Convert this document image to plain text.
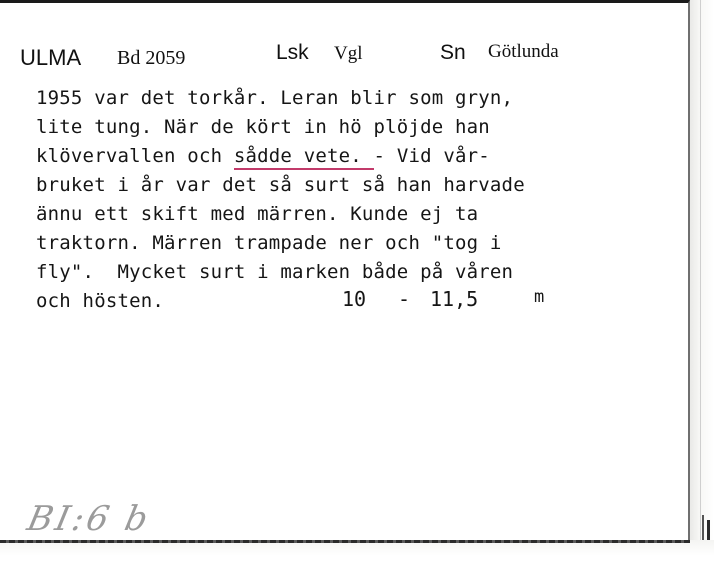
ULMA Bd 2059	Lsk Vgl	Sn Götlunda
1955 var det torkår. Leran blir som gryn,
lite tung. När de kört in hö plöjde han
klövervallen och sådde vete. - Vid vår-
bruket i år var det så surt så han harvade
ännu ett skift med märren. Kunde ej ta
traktorn. Märren trampade ner och "tog i
fly".  Mycket surt i marken både på våren
och hösten.	10 - 11,5	m
BI:6 b
